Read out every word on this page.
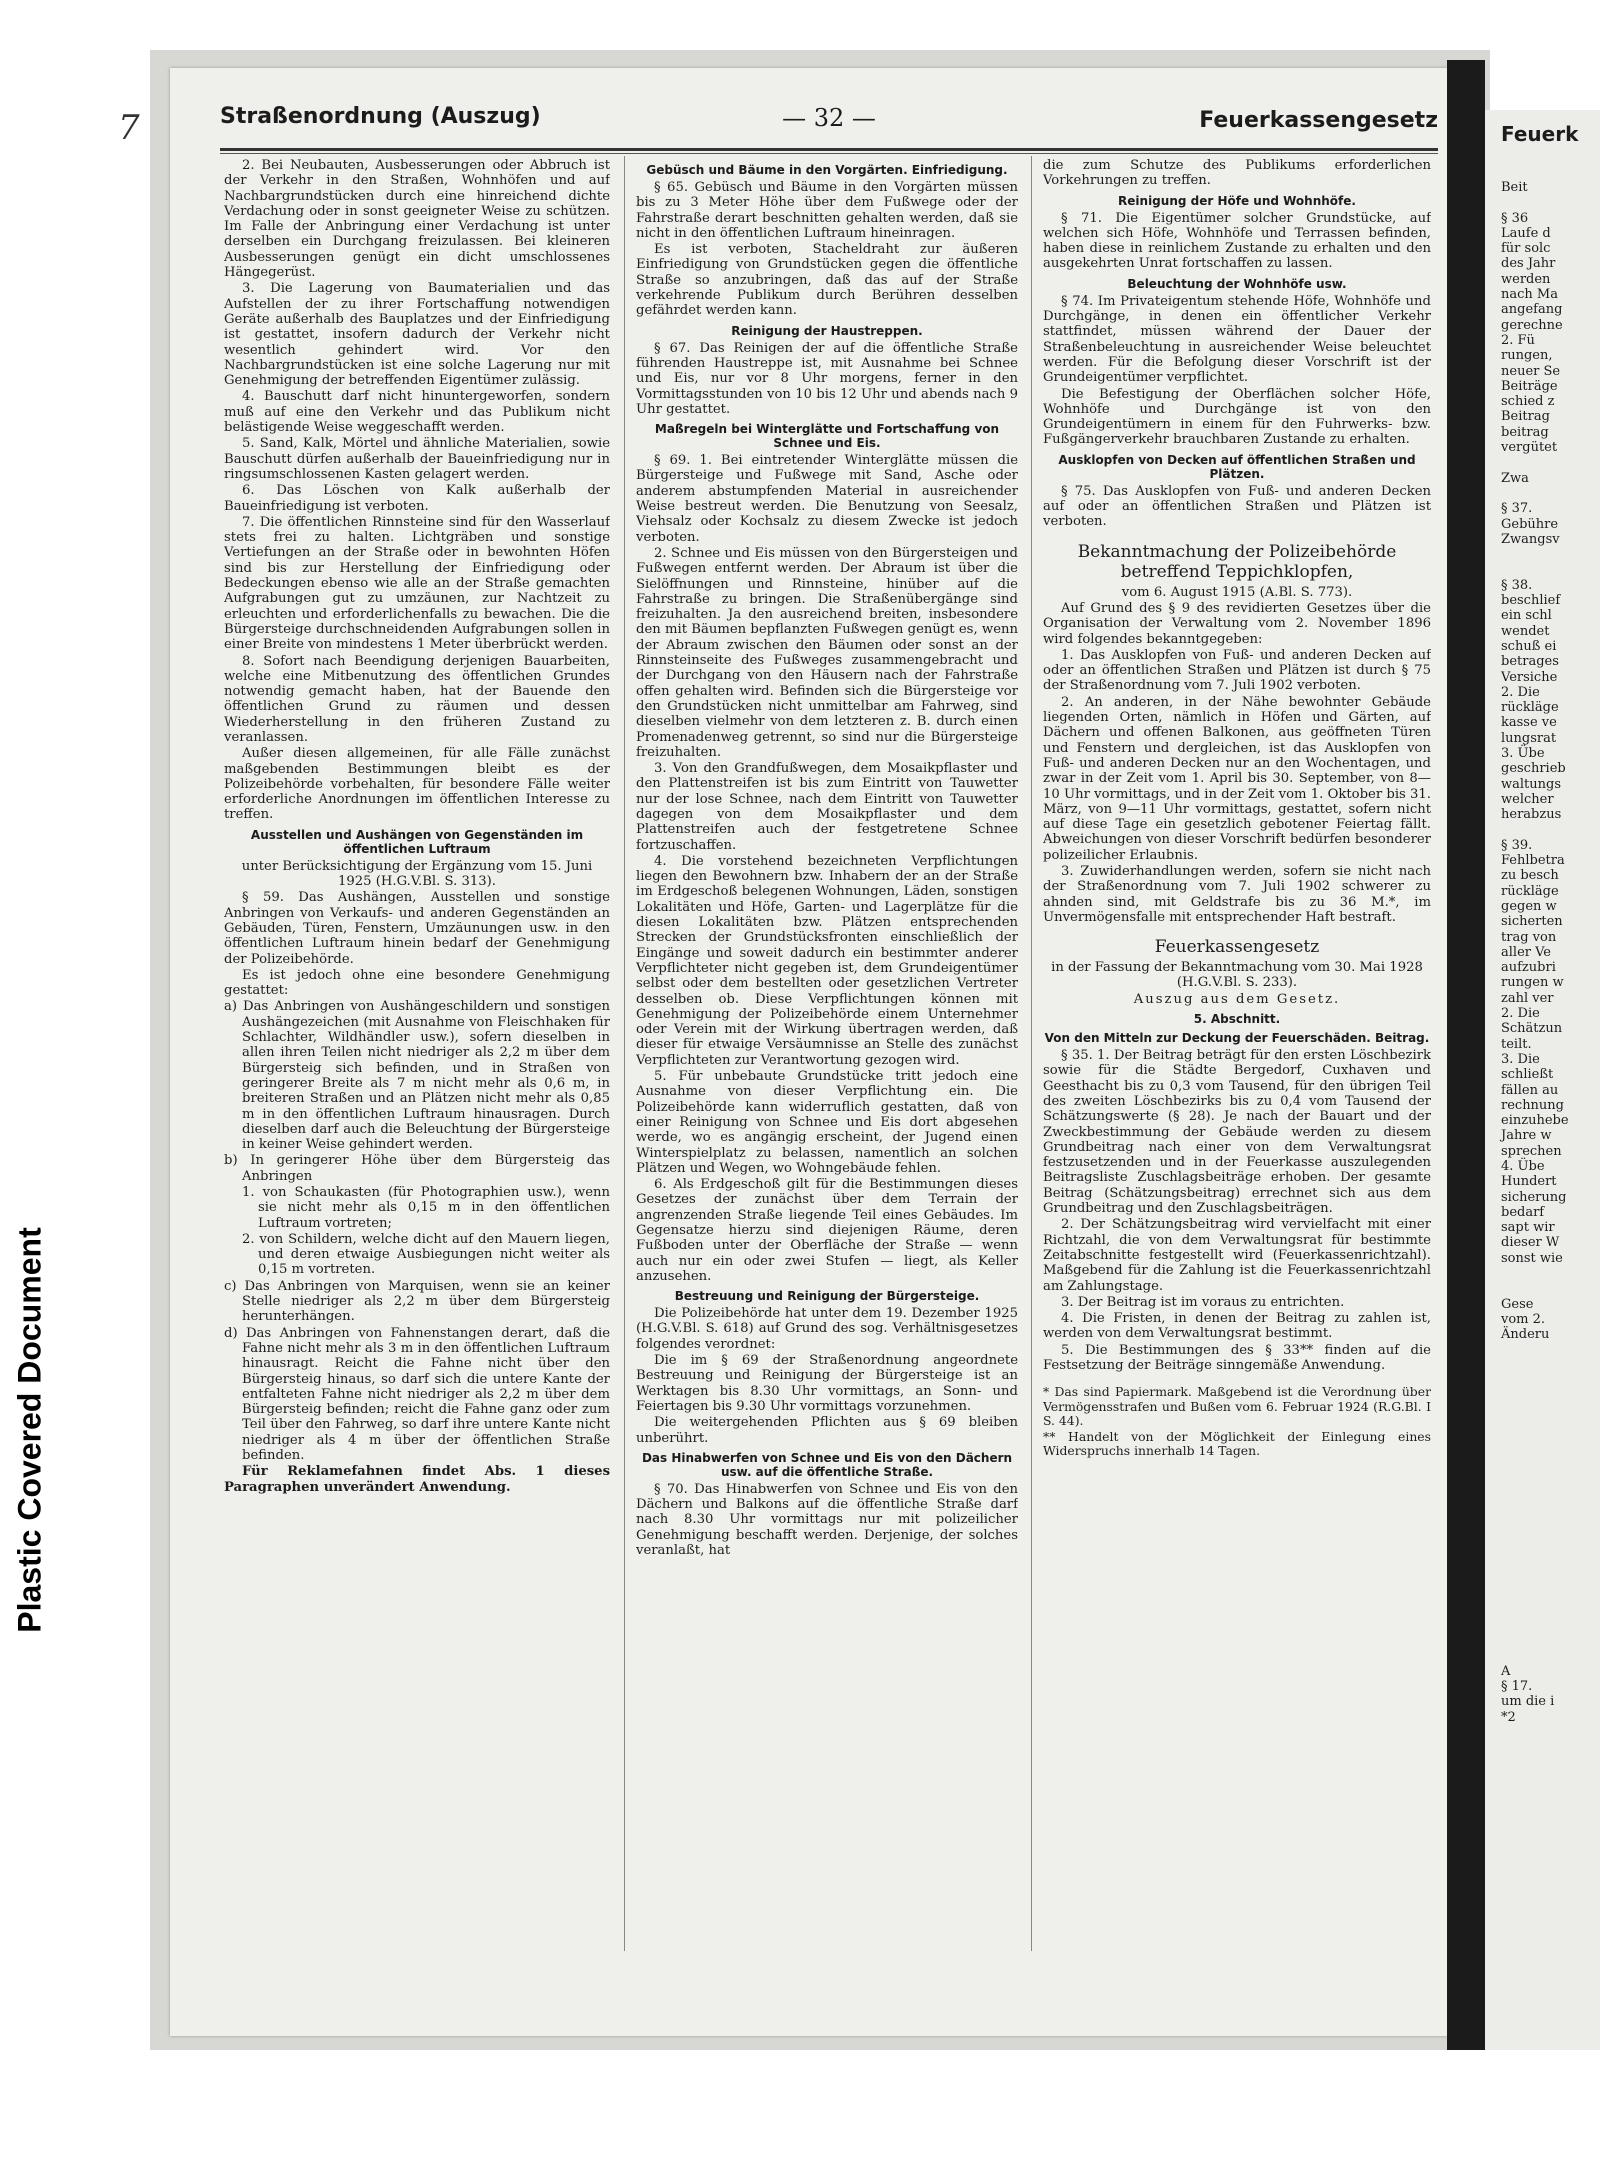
Plastic Covered Document
7	Feuerk
Beit
§ 36
Laufe d
für solc
des Jahr
werden
nach Ma
angefang
gerechne
2. Fü
rungen,
neuer Se
Beiträge
schied z
Beitrag
beitrag
vergütet
Zwa
§ 37.
Gebühre
Zwangsv
§ 38.
beschlief
ein schl
wendet
schuß ei
betrages
Versiche
2. Die
rückläge
kasse ve
lungsrat
3. Übe
geschrieb
waltungs
welcher
herabzus
§ 39.
Fehlbetra
zu besch
rückläge
gegen w
sicherten
trag von
aller Ve
aufzubri
rungen w
zahl ver
2. Die
Schätzun
teilt.
3. Die
schließt
fällen au
rechnung
einzuhebe
Jahre w
sprechen
4. Übe
Hundert
sicherung
bedarf
sapt wir
dieser W
sonst wie
Gese
vom 2.
Änderu
A
§ 17.
um die i
*2
Straßenordnung (Auszug)	— 32 —	Feuerkassengesetz

2. Bei Neubauten, Ausbesserungen oder Abbruch ist der Verkehr in den Straßen, Wohnhöfen und auf Nachbargrundstücken durch eine hinreichend dichte Verdachung oder in sonst geeigneter Weise zu schützen. Im Falle der Anbringung einer Verdachung ist unter derselben ein Durchgang freizulassen. Bei kleineren Ausbesserungen genügt ein dicht umschlossenes Hängegerüst.

3. Die Lagerung von Baumaterialien und das Aufstellen der zu ihrer Fortschaffung notwendigen Geräte außerhalb des Bauplatzes und der Einfriedigung ist gestattet, insofern dadurch der Verkehr nicht wesentlich gehindert wird. Vor den Nachbargrundstücken ist eine solche Lagerung nur mit Genehmigung der betreffenden Eigentümer zulässig.

4. Bauschutt darf nicht hinuntergeworfen, sondern muß auf eine den Verkehr und das Publikum nicht belästigende Weise weggeschafft werden.

5. Sand, Kalk, Mörtel und ähnliche Materialien, sowie Bauschutt dürfen außerhalb der Baueinfriedigung nur in ringsumschlossenen Kasten gelagert werden.

6. Das Löschen von Kalk außerhalb der Baueinfriedigung ist verboten.

7. Die öffentlichen Rinnsteine sind für den Wasserlauf stets frei zu halten. Lichtgräben und sonstige Vertiefungen an der Straße oder in bewohnten Höfen sind bis zur Herstellung der Einfriedigung oder Bedeckungen ebenso wie alle an der Straße gemachten Aufgrabungen gut zu umzäunen, zur Nachtzeit zu erleuchten und erforderlichenfalls zu bewachen. Die die Bürgersteige durchschneidenden Aufgrabungen sollen in einer Breite von mindestens 1 Meter überbrückt werden.

8. Sofort nach Beendigung derjenigen Bauarbeiten, welche eine Mitbenutzung des öffentlichen Grundes notwendig gemacht haben, hat der Bauende den öffentlichen Grund zu räumen und dessen Wiederherstellung in den früheren Zustand zu veranlassen.

Außer diesen allgemeinen, für alle Fälle zunächst maßgebenden Bestimmungen bleibt es der Polizeibehörde vorbehalten, für besondere Fälle weiter erforderliche Anordnungen im öffentlichen Interesse zu treffen.

Ausstellen und Aushängen von Gegenständen im öffentlichen Luftraum

unter Berücksichtigung der Ergänzung vom 15. Juni 1925 (H.G.V.Bl. S. 313).

§ 59. Das Aushängen, Ausstellen und sonstige Anbringen von Verkaufs- und anderen Gegenständen an Gebäuden, Türen, Fenstern, Umzäunungen usw. in den öffentlichen Luftraum hinein bedarf der Genehmigung der Polizeibehörde.

Es ist jedoch ohne eine besondere Genehmigung gestattet:

a) Das Anbringen von Aushängeschildern und sonstigen Aushängezeichen (mit Ausnahme von Fleischhaken für Schlachter, Wildhändler usw.), sofern dieselben in allen ihren Teilen nicht niedriger als 2,2 m über dem Bürgersteig sich befinden, und in Straßen von geringerer Breite als 7 m nicht mehr als 0,6 m, in breiteren Straßen und an Plätzen nicht mehr als 0,85 m in den öffentlichen Luftraum hinausragen. Durch dieselben darf auch die Beleuchtung der Bürgersteige in keiner Weise gehindert werden.
b) In geringerer Höhe über dem Bürgersteig das Anbringen
1. von Schaukasten (für Photographien usw.), wenn sie nicht mehr als 0,15 m in den öffentlichen Luftraum vortreten;
2. von Schildern, welche dicht auf den Mauern liegen, und deren etwaige Ausbiegungen nicht weiter als 0,15 m vortreten.
c) Das Anbringen von Marquisen, wenn sie an keiner Stelle niedriger als 2,2 m über dem Bürgersteig herunterhängen.
d) Das Anbringen von Fahnenstangen derart, daß die Fahne nicht mehr als 3 m in den öffentlichen Luftraum hinausragt. Reicht die Fahne nicht über den Bürgersteig hinaus, so darf sich die untere Kante der entfalteten Fahne nicht niedriger als 2,2 m über dem Bürgersteig befinden; reicht die Fahne ganz oder zum Teil über den Fahrweg, so darf ihre untere Kante nicht niedriger als 4 m über der öffentlichen Straße befinden.

Für Reklamefahnen findet Abs. 1 dieses Paragraphen unverändert Anwendung.

Gebüsch und Bäume in den Vorgärten. Einfriedigung.

§ 65. Gebüsch und Bäume in den Vorgärten müssen bis zu 3 Meter Höhe über dem Fußwege oder der Fahrstraße derart beschnitten gehalten werden, daß sie nicht in den öffentlichen Luftraum hineinragen.

Es ist verboten, Stacheldraht zur äußeren Einfriedigung von Grundstücken gegen die öffentliche Straße so anzubringen, daß das auf der Straße verkehrende Publikum durch Berühren desselben gefährdet werden kann.

Reinigung der Haustreppen.

§ 67. Das Reinigen der auf die öffentliche Straße führenden Haustreppe ist, mit Ausnahme bei Schnee und Eis, nur vor 8 Uhr morgens, ferner in den Vormittagsstunden von 10 bis 12 Uhr und abends nach 9 Uhr gestattet.

Maßregeln bei Winterglätte und Fortschaffung von Schnee und Eis.

§ 69. 1. Bei eintretender Winterglätte müssen die Bürgersteige und Fußwege mit Sand, Asche oder anderem abstumpfenden Material in ausreichender Weise bestreut werden. Die Benutzung von Seesalz, Viehsalz oder Kochsalz zu diesem Zwecke ist jedoch verboten.

2. Schnee und Eis müssen von den Bürgersteigen und Fußwegen entfernt werden. Der Abraum ist über die Sielöffnungen und Rinnsteine, hinüber auf die Fahrstraße zu bringen. Die Straßenübergänge sind freizuhalten. Ja den ausreichend breiten, insbesondere den mit Bäumen bepflanzten Fußwegen genügt es, wenn der Abraum zwischen den Bäumen oder sonst an der Rinnsteinseite des Fußweges zusammengebracht und der Durchgang von den Häusern nach der Fahrstraße offen gehalten wird. Befinden sich die Bürgersteige vor den Grundstücken nicht unmittelbar am Fahrweg, sind dieselben vielmehr von dem letzteren z. B. durch einen Promenadenweg getrennt, so sind nur die Bürgersteige freizuhalten.

3. Von den Grandfußwegen, dem Mosaikpflaster und den Plattenstreifen ist bis zum Eintritt von Tauwetter nur der lose Schnee, nach dem Eintritt von Tauwetter dagegen von dem Mosaikpflaster und dem Plattenstreifen auch der festgetretene Schnee fortzuschaffen.

4. Die vorstehend bezeichneten Verpflichtungen liegen den Bewohnern bzw. Inhabern der an der Straße im Erdgeschoß belegenen Wohnungen, Läden, sonstigen Lokalitäten und Höfe, Garten- und Lagerplätze für die diesen Lokalitäten bzw. Plätzen entsprechenden Strecken der Grundstücksfronten einschließlich der Eingänge und soweit dadurch ein bestimmter anderer Verpflichteter nicht gegeben ist, dem Grundeigentümer selbst oder dem bestellten oder gesetzlichen Vertreter desselben ob. Diese Verpflichtungen können mit Genehmigung der Polizeibehörde einem Unternehmer oder Verein mit der Wirkung übertragen werden, daß dieser für etwaige Versäumnisse an Stelle des zunächst Verpflichteten zur Verantwortung gezogen wird.

5. Für unbebaute Grundstücke tritt jedoch eine Ausnahme von dieser Verpflichtung ein. Die Polizeibehörde kann widerruflich gestatten, daß von einer Reinigung von Schnee und Eis dort abgesehen werde, wo es angängig erscheint, der Jugend einen Winterspielplatz zu belassen, namentlich an solchen Plätzen und Wegen, wo Wohngebäude fehlen.

6. Als Erdgeschoß gilt für die Bestimmungen dieses Gesetzes der zunächst über dem Terrain der angrenzenden Straße liegende Teil eines Gebäudes. Im Gegensatze hierzu sind diejenigen Räume, deren Fußboden unter der Oberfläche der Straße — wenn auch nur ein oder zwei Stufen — liegt, als Keller anzusehen.

Bestreuung und Reinigung der Bürgersteige.

Die Polizeibehörde hat unter dem 19. Dezember 1925 (H.G.V.Bl. S. 618) auf Grund des sog. Verhältnisgesetzes folgendes verordnet:

Die im § 69 der Straßenordnung angeordnete Bestreuung und Reinigung der Bürgersteige ist an Werktagen bis 8.30 Uhr vormittags, an Sonn- und Feiertagen bis 9.30 Uhr vormittags vorzunehmen.

Die weitergehenden Pflichten aus § 69 bleiben unberührt.

Das Hinabwerfen von Schnee und Eis von den Dächern usw. auf die öffentliche Straße.

§ 70. Das Hinabwerfen von Schnee und Eis von den Dächern und Balkons auf die öffentliche Straße darf nach 8.30 Uhr vormittags nur mit polizeilicher Genehmigung beschafft werden. Derjenige, der solches veranlaßt, hat

die zum Schutze des Publikums erforderlichen Vorkehrungen zu treffen.

Reinigung der Höfe und Wohnhöfe.

§ 71. Die Eigentümer solcher Grundstücke, auf welchen sich Höfe, Wohnhöfe und Terrassen befinden, haben diese in reinlichem Zustande zu erhalten und den ausgekehrten Unrat fortschaffen zu lassen.

Beleuchtung der Wohnhöfe usw.

§ 74. Im Privateigentum stehende Höfe, Wohnhöfe und Durchgänge, in denen ein öffentlicher Verkehr stattfindet, müssen während der Dauer der Straßenbeleuchtung in ausreichender Weise beleuchtet werden. Für die Befolgung dieser Vorschrift ist der Grundeigentümer verpflichtet.

Die Befestigung der Oberflächen solcher Höfe, Wohnhöfe und Durchgänge ist von den Grundeigentümern in einem für den Fuhrwerks- bzw. Fußgängerverkehr brauchbaren Zustande zu erhalten.

Ausklopfen von Decken auf öffentlichen Straßen und Plätzen.

§ 75. Das Ausklopfen von Fuß- und anderen Decken auf oder an öffentlichen Straßen und Plätzen ist verboten.

Bekanntmachung der Polizeibehörde betreffend Teppichklopfen,

vom 6. August 1915 (A.Bl. S. 773).

Auf Grund des § 9 des revidierten Gesetzes über die Organisation der Verwaltung vom 2. November 1896 wird folgendes bekanntgegeben:

1. Das Ausklopfen von Fuß- und anderen Decken auf oder an öffentlichen Straßen und Plätzen ist durch § 75 der Straßenordnung vom 7. Juli 1902 verboten.

2. An anderen, in der Nähe bewohnter Gebäude liegenden Orten, nämlich in Höfen und Gärten, auf Dächern und offenen Balkonen, aus geöffneten Türen und Fenstern und dergleichen, ist das Ausklopfen von Fuß- und anderen Decken nur an den Wochentagen, und zwar in der Zeit vom 1. April bis 30. September, von 8—10 Uhr vormittags, und in der Zeit vom 1. Oktober bis 31. März, von 9—11 Uhr vormittags, gestattet, sofern nicht auf diese Tage ein gesetzlich gebotener Feiertag fällt. Abweichungen von dieser Vorschrift bedürfen besonderer polizeilicher Erlaubnis.

3. Zuwiderhandlungen werden, sofern sie nicht nach der Straßenordnung vom 7. Juli 1902 schwerer zu ahnden sind, mit Geldstrafe bis zu 36 M.*, im Unvermögensfalle mit entsprechender Haft bestraft.

Feuerkassengesetz

in der Fassung der Bekanntmachung vom 30. Mai 1928 (H.G.V.Bl. S. 233).

Auszug aus dem Gesetz.

5. Abschnitt.
Von den Mitteln zur Deckung der Feuerschäden. Beitrag.

§ 35. 1. Der Beitrag beträgt für den ersten Löschbezirk sowie für die Städte Bergedorf, Cuxhaven und Geesthacht bis zu 0,3 vom Tausend, für den übrigen Teil des zweiten Löschbezirks bis zu 0,4 vom Tausend der Schätzungswerte (§ 28). Je nach der Bauart und der Zweckbestimmung der Gebäude werden zu diesem Grundbeitrag nach einer von dem Verwaltungsrat festzusetzenden und in der Feuerkasse auszulegenden Beitragsliste Zuschlagsbeiträge erhoben. Der gesamte Beitrag (Schätzungsbeitrag) errechnet sich aus dem Grundbeitrag und den Zuschlagsbeiträgen.

2. Der Schätzungsbeitrag wird vervielfacht mit einer Richtzahl, die von dem Verwaltungsrat für bestimmte Zeitabschnitte festgestellt wird (Feuerkassenrichtzahl). Maßgebend für die Zahlung ist die Feuerkassenrichtzahl am Zahlungstage.

3. Der Beitrag ist im voraus zu entrichten.

4. Die Fristen, in denen der Beitrag zu zahlen ist, werden von dem Verwaltungsrat bestimmt.

5. Die Bestimmungen des § 33** finden auf die Festsetzung der Beiträge sinngemäße Anwendung.

* Das sind Papiermark. Maßgebend ist die Verordnung über Vermögensstrafen und Bußen vom 6. Februar 1924 (R.G.Bl. I S. 44).

** Handelt von der Möglichkeit der Einlegung eines Widerspruchs innerhalb 14 Tagen.
